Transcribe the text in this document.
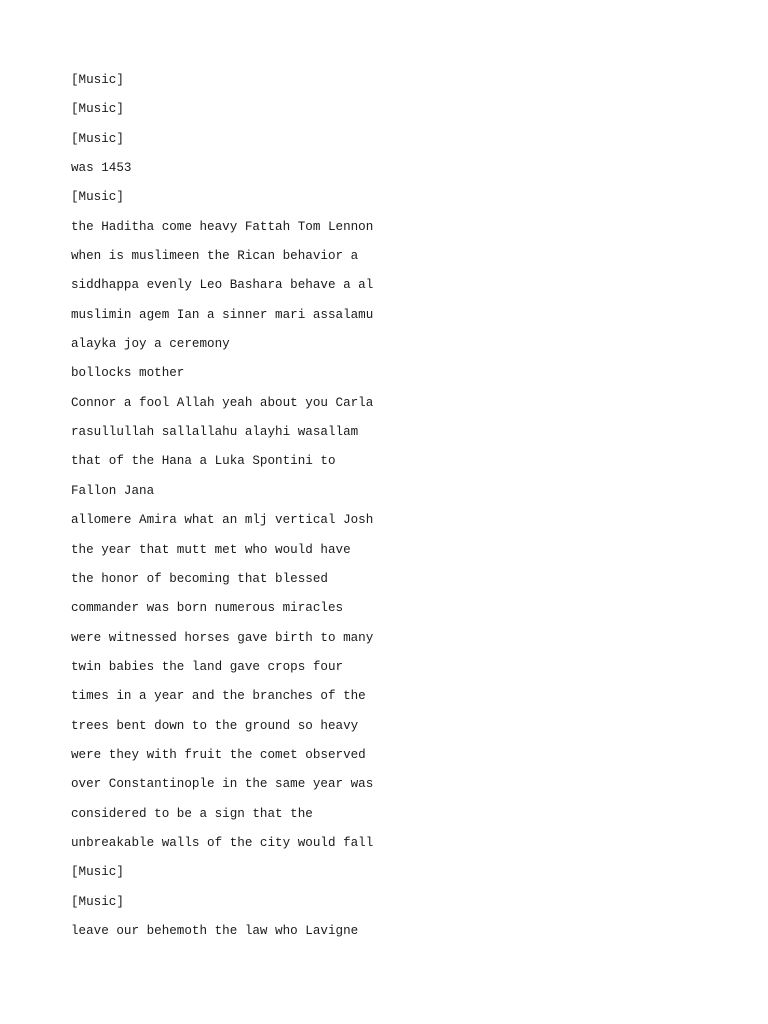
[Music]
[Music]
[Music]
was 1453
[Music]
the Haditha come heavy Fattah Tom Lennon
when is muslimeen the Rican behavior a
siddhappa evenly Leo Bashara behave a al
muslimin agem Ian a sinner mari assalamu
alayka joy a ceremony
bollocks mother
Connor a fool Allah yeah about you Carla
rasullullah sallallahu alayhi wasallam
that of the Hana a Luka Spontini to
Fallon Jana
allomere Amira what an mlj vertical Josh
the year that mutt met who would have
the honor of becoming that blessed
commander was born numerous miracles
were witnessed horses gave birth to many
twin babies the land gave crops four
times in a year and the branches of the
trees bent down to the ground so heavy
were they with fruit the comet observed
over Constantinople in the same year was
considered to be a sign that the
unbreakable walls of the city would fall
[Music]
[Music]
leave our behemoth the law who Lavigne
